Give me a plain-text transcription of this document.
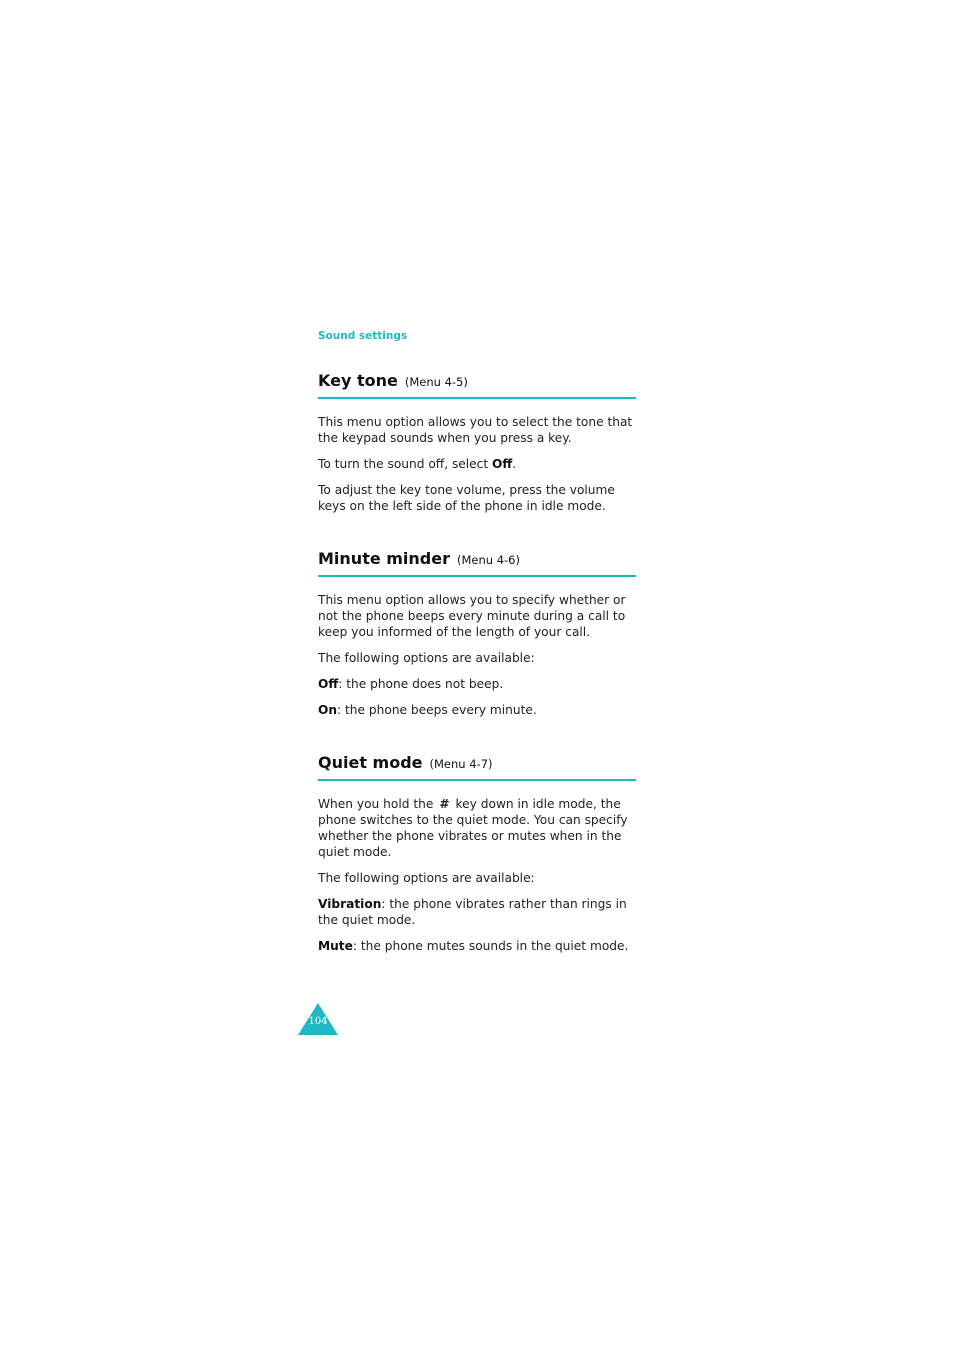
Sound settings
Key tone (Menu 4-5)

This menu option allows you to select the tone that the keypad sounds when you press a key.

To turn the sound off, select Off.

To adjust the key tone volume, press the volume keys on the left side of the phone in idle mode.

Minute minder (Menu 4-6)

This menu option allows you to specify whether or not the phone beeps every minute during a call to keep you informed of the length of your call.

The following options are available:

Off: the phone does not beep.

On: the phone beeps every minute.

Quiet mode (Menu 4-7)

When you hold the # key down in idle mode, the phone switches to the quiet mode. You can specify whether the phone vibrates or mutes when in the quiet mode.

The following options are available:

Vibration: the phone vibrates rather than rings in the quiet mode.

Mute: the phone mutes sounds in the quiet mode.

104
